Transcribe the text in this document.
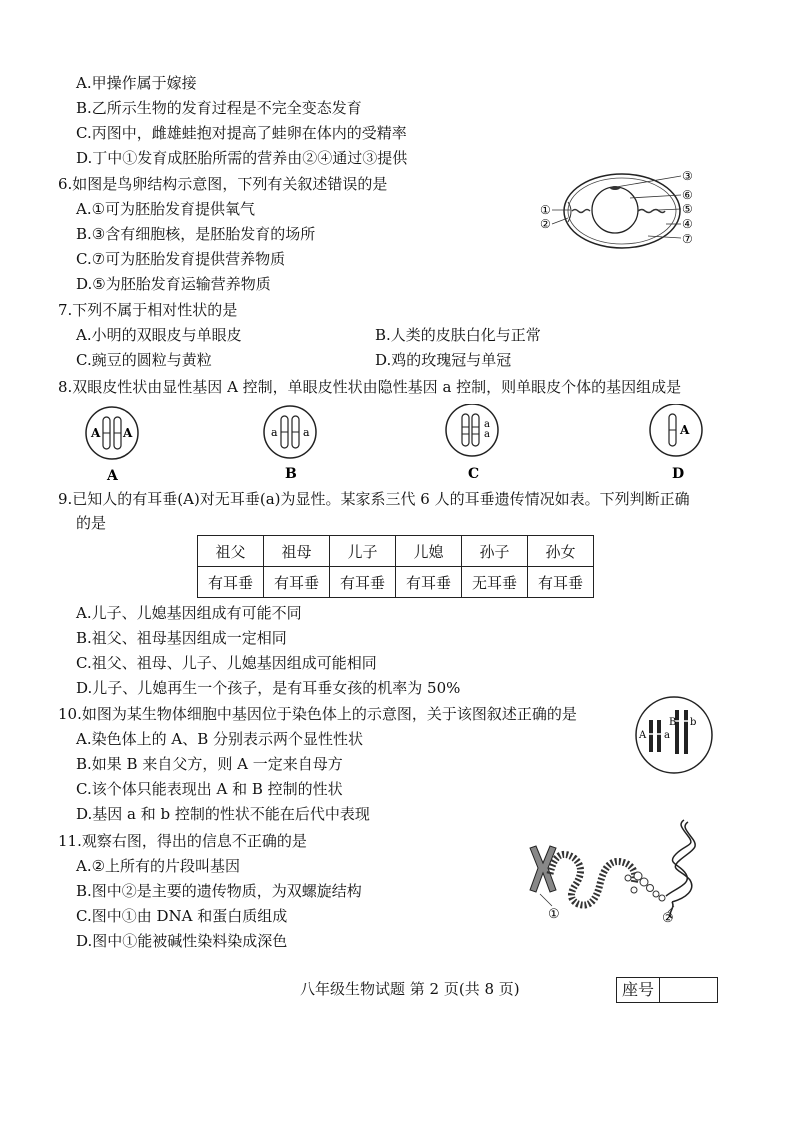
A.甲操作属于嫁接
B.乙所示生物的发育过程是不完全变态发育
C.丙图中，雌雄蛙抱对提高了蛙卵在体内的受精率
D.丁中①发育成胚胎所需的营养由②④通过③提供
6.如图是鸟卵结构示意图，下列有关叙述错误的是
A.①可为胚胎发育提供氧气
B.③含有细胞核，是胚胎发育的场所
C.⑦可为胚胎发育提供营养物质
D.⑤为胚胎发育运输营养物质
①
②
③
⑥
⑤
④
⑦
7.下列不属于相对性状的是
A.小明的双眼皮与单眼皮	B.人类的皮肤白化与正常
C.豌豆的圆粒与黄粒	D.鸡的玫瑰冠与单冠
8.双眼皮性状由显性基因 A 控制，单眼皮性状由隐性基因 a 控制，则单眼皮个体的基因组成是
A A
A
a a
B
a
a
C
A
D
9.已知人的有耳垂(A)对无耳垂(a)为显性。某家系三代 6 人的耳垂遗传情况如表。下列判断正确
的是
祖父	祖母	儿子	儿媳	孙子	孙女
有耳垂	有耳垂	有耳垂	有耳垂	无耳垂	有耳垂
A.儿子、儿媳基因组成有可能不同
B.祖父、祖母基因组成一定相同
C.祖父、祖母、儿子、儿媳基因组成可能相同
D.儿子、儿媳再生一个孩子，是有耳垂女孩的机率为 50%
10.如图为某生物体细胞中基因位于染色体上的示意图，关于该图叙述正确的是
A.染色体上的 A、B 分别表示两个显性性状
B.如果 B 来自父方，则 A 一定来自母方
C.该个体只能表现出 A 和 B 控制的性状
D.基因 a 和 b 控制的性状不能在后代中表现
A a
B b
11.观察右图，得出的信息不正确的是
A.②上所有的片段叫基因
B.图中②是主要的遗传物质，为双螺旋结构
C.图中①由 DNA 和蛋白质组成
D.图中①能被碱性染料染成深色
①	②
八年级生物试题 第 2 页(共 8 页)	座号
